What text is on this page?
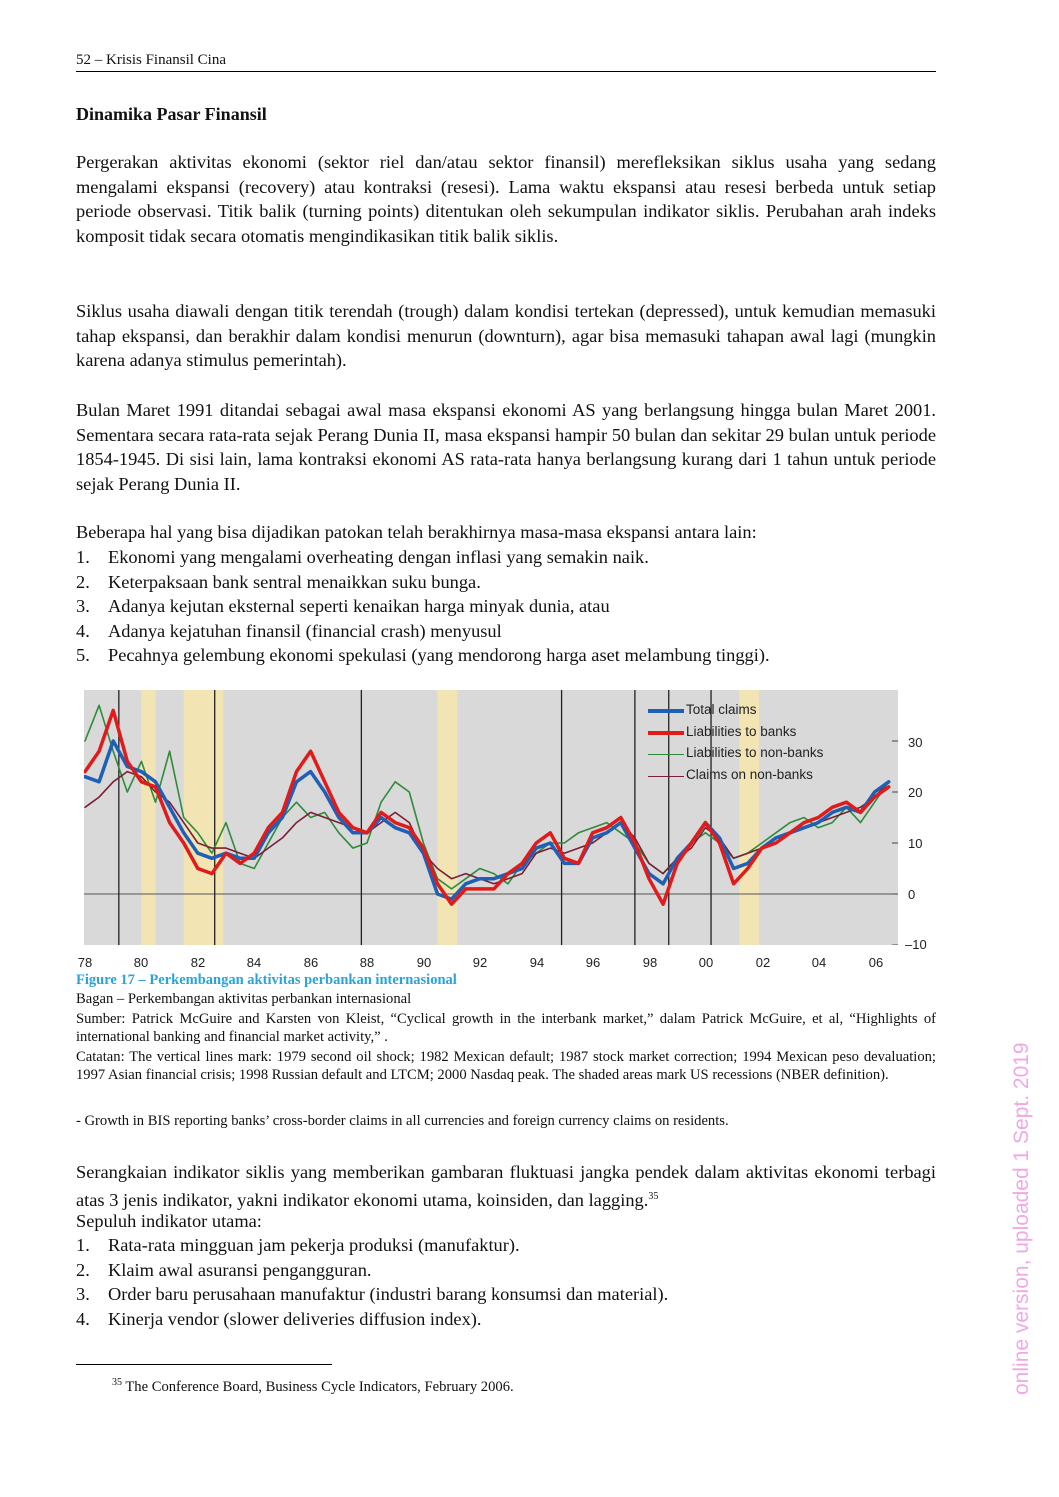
52 – Krisis Finansil Cina
Dinamika Pasar Finansil

Pergerakan aktivitas ekonomi (sektor riel dan/atau sektor finansil) merefleksikan siklus usaha yang sedang mengalami ekspansi (recovery) atau kontraksi (resesi). Lama waktu ekspansi atau resesi berbeda untuk setiap periode observasi. Titik balik (turning points) ditentukan oleh sekumpulan indikator siklis. Perubahan arah indeks komposit tidak secara otomatis mengindikasikan titik balik siklis.

Siklus usaha diawali dengan titik terendah (trough) dalam kondisi tertekan (depressed), untuk kemudian memasuki tahap ekspansi, dan berakhir dalam kondisi menurun (downturn), agar bisa memasuki tahapan awal lagi (mungkin karena adanya stimulus pemerintah).

Bulan Maret 1991 ditandai sebagai awal masa ekspansi ekonomi AS yang berlangsung hingga bulan Maret 2001. Sementara secara rata-rata sejak Perang Dunia II, masa ekspansi hampir 50 bulan dan sekitar 29 bulan untuk periode 1854-1945. Di sisi lain, lama kontraksi ekonomi AS rata-rata hanya berlangsung kurang dari 1 tahun untuk periode sejak Perang Dunia II.

Beberapa hal yang bisa dijadikan patokan telah berakhirnya masa-masa ekspansi antara lain:

1. Ekonomi yang mengalami overheating dengan inflasi yang semakin naik.
2. Keterpaksaan bank sentral menaikkan suku bunga.
3. Adanya kejutan eksternal seperti kenaikan harga minyak dunia, atau
4. Adanya kejatuhan finansil (financial crash) menyusul
5. Pecahnya gelembung ekonomi spekulasi (yang mendorong harga aset melambung tinggi).
Total claims
Liabilities to banks
Liabilities to non-banks
Claims on non-banks
30
20
10
0
–10
78	80	82	84	86	88	90	92	94	96	98	00	02	04	06
Figure 17 – Perkembangan aktivitas perbankan internasional

Bagan – Perkembangan aktivitas perbankan internasional

Sumber: Patrick McGuire and Karsten von Kleist, “Cyclical growth in the interbank market,” dalam Patrick McGuire, et al, “Highlights of international banking and financial market activity,” .

Catatan: The vertical lines mark: 1979 second oil shock; 1982 Mexican default; 1987 stock market correction; 1994 Mexican peso devaluation; 1997 Asian financial crisis; 1998 Russian default and LTCM; 2000 Nasdaq peak. The shaded areas mark US recessions (NBER definition).

- Growth in BIS reporting banks’ cross-border claims in all currencies and foreign currency claims on residents.

Serangkaian indikator siklis yang memberikan gambaran fluktuasi jangka pendek dalam aktivitas ekonomi terbagi atas 3 jenis indikator, yakni indikator ekonomi utama, koinsiden, dan lagging.$^{35}$

Sepuluh indikator utama:

1. Rata-rata mingguan jam pekerja produksi (manufaktur).
2. Klaim awal asuransi pengangguran.
3. Order baru perusahaan manufaktur (industri barang konsumsi dan material).
4. Kinerja vendor (slower deliveries diffusion index).
$^{35}$ The Conference Board, Business Cycle Indicators, February 2006.	online version, uploaded 1 Sept. 2019
